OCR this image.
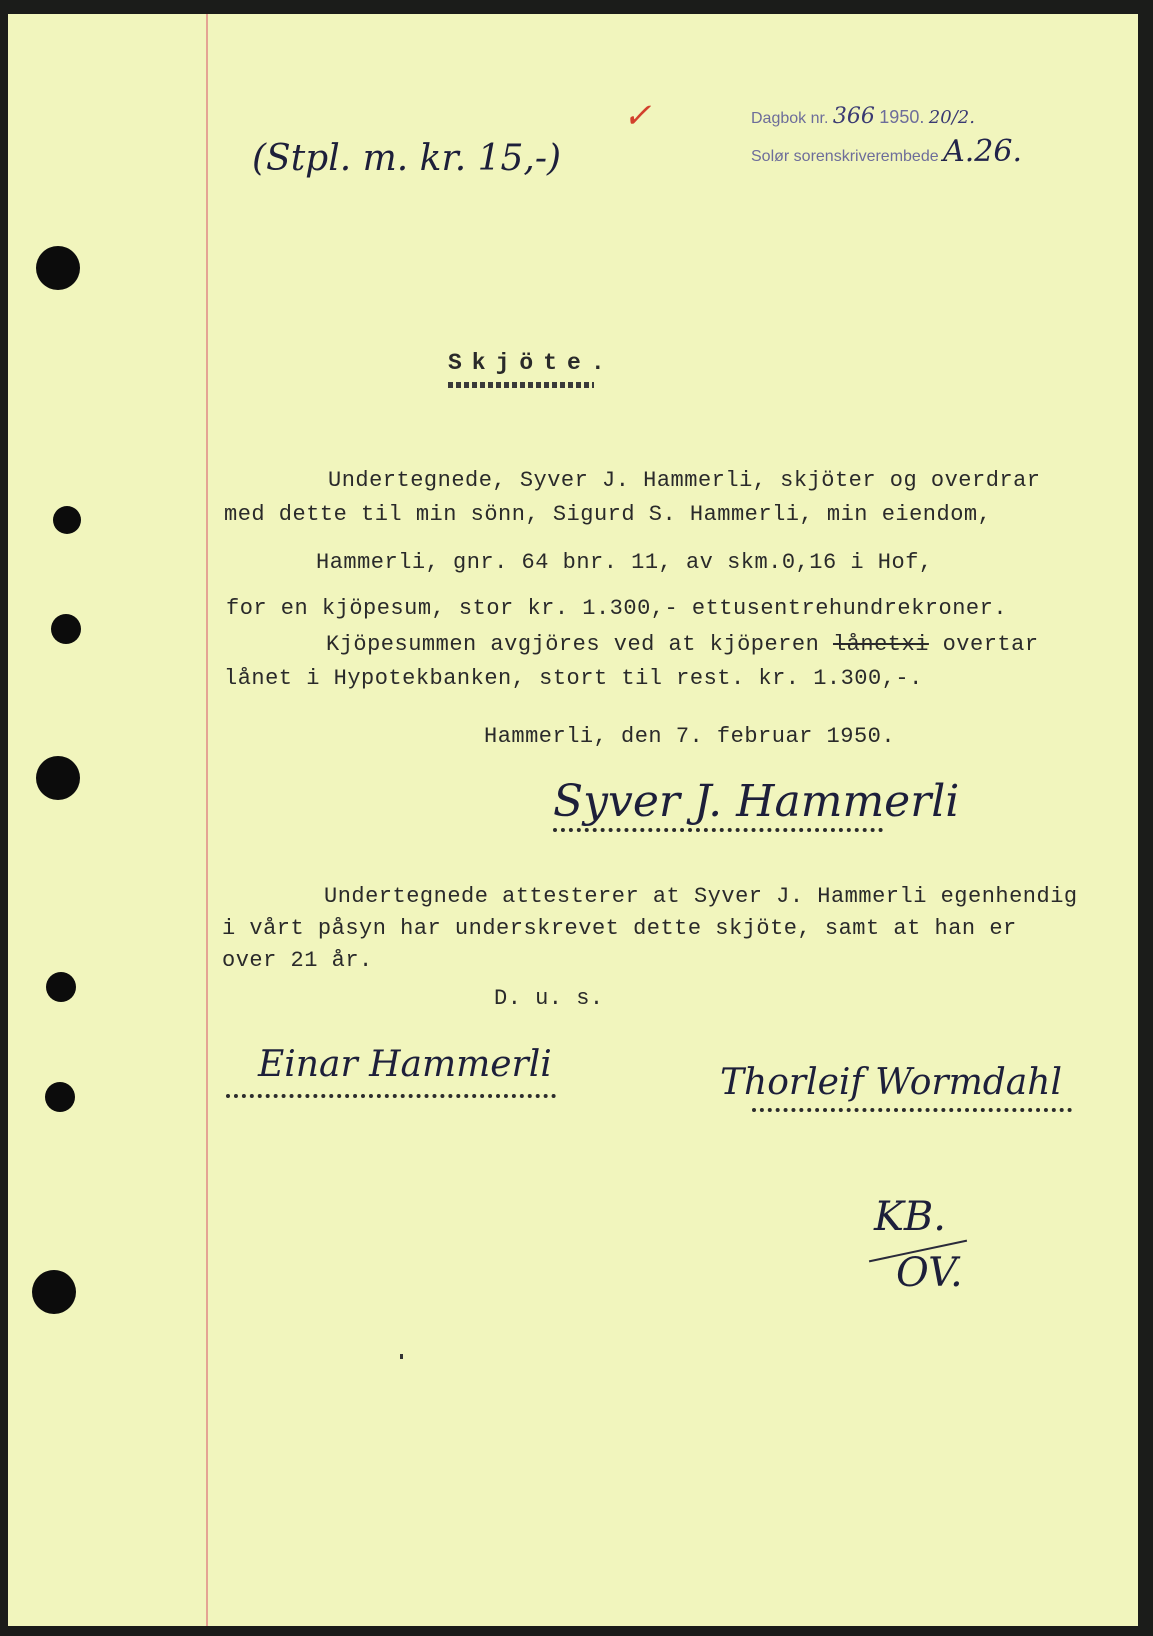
Dagbok nr. 366 1950. 20/2.
Solør sorenskriverembede A.26.
(Stpl. m. kr. 15,-)
✓
Skjöte.
Undertegnede, Syver J. Hammerli, skjöter og overdrar
med dette til min sönn, Sigurd S. Hammerli, min eiendom,
Hammerli, gnr. 64 bnr. 11, av skm.0,16 i Hof,
for en kjöpesum, stor kr. 1.300,- ettusentrehundrekroner.
Kjöpesummen avgjöres ved at kjöperen lånetxi overtar
lånet i Hypotekbanken, stort til rest. kr. 1.300,-.
Hammerli, den 7. februar 1950.
Syver J. Hammerli
Undertegnede attesterer at Syver J. Hammerli egenhendig
i vårt påsyn har underskrevet dette skjöte, samt at han er
over 21 år.
D. u. s.
Einar Hammerli	Thorleif Wormdahl
KB.
OV.
